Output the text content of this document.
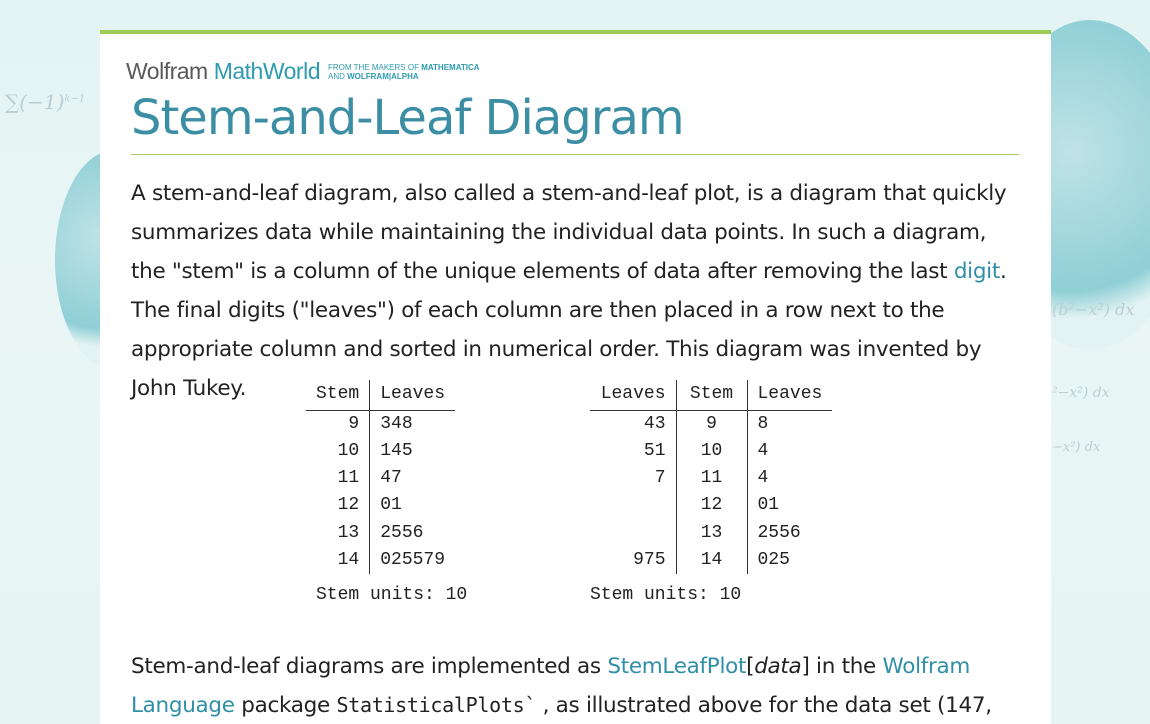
$\sum(-1)^{k-1}$
(b²−x²) dx
²−x²) dx
−x²) dx
Wolfram MathWorld FROM THE MAKERS OF MATHEMATICA
AND WOLFRAM|ALPHA
Stem-and-Leaf Diagram

A stem-and-leaf diagram, also called a stem-and-leaf plot, is a diagram that quickly summarizes data while maintaining the individual data points. In such a diagram, the "stem" is a column of the unique elements of data after removing the last digit. The final digits ("leaves") of each column are then placed in a row next to the appropriate column and sorted in numerical order. This diagram was invented by John Tukey.	Stem	Leaves
9	348
10	145
11	47
12	01
13	2556
14	025579
Stem units: 10
Leaves	Stem	Leaves
43	9	8
51	10	4
7	11	4
	12	01
	13	2556
975	14	025
Stem units: 10

Stem-and-leaf diagrams are implemented as StemLeafPlot[data] in the Wolfram Language package StatisticalPlots` , as illustrated above for the data set (147,
